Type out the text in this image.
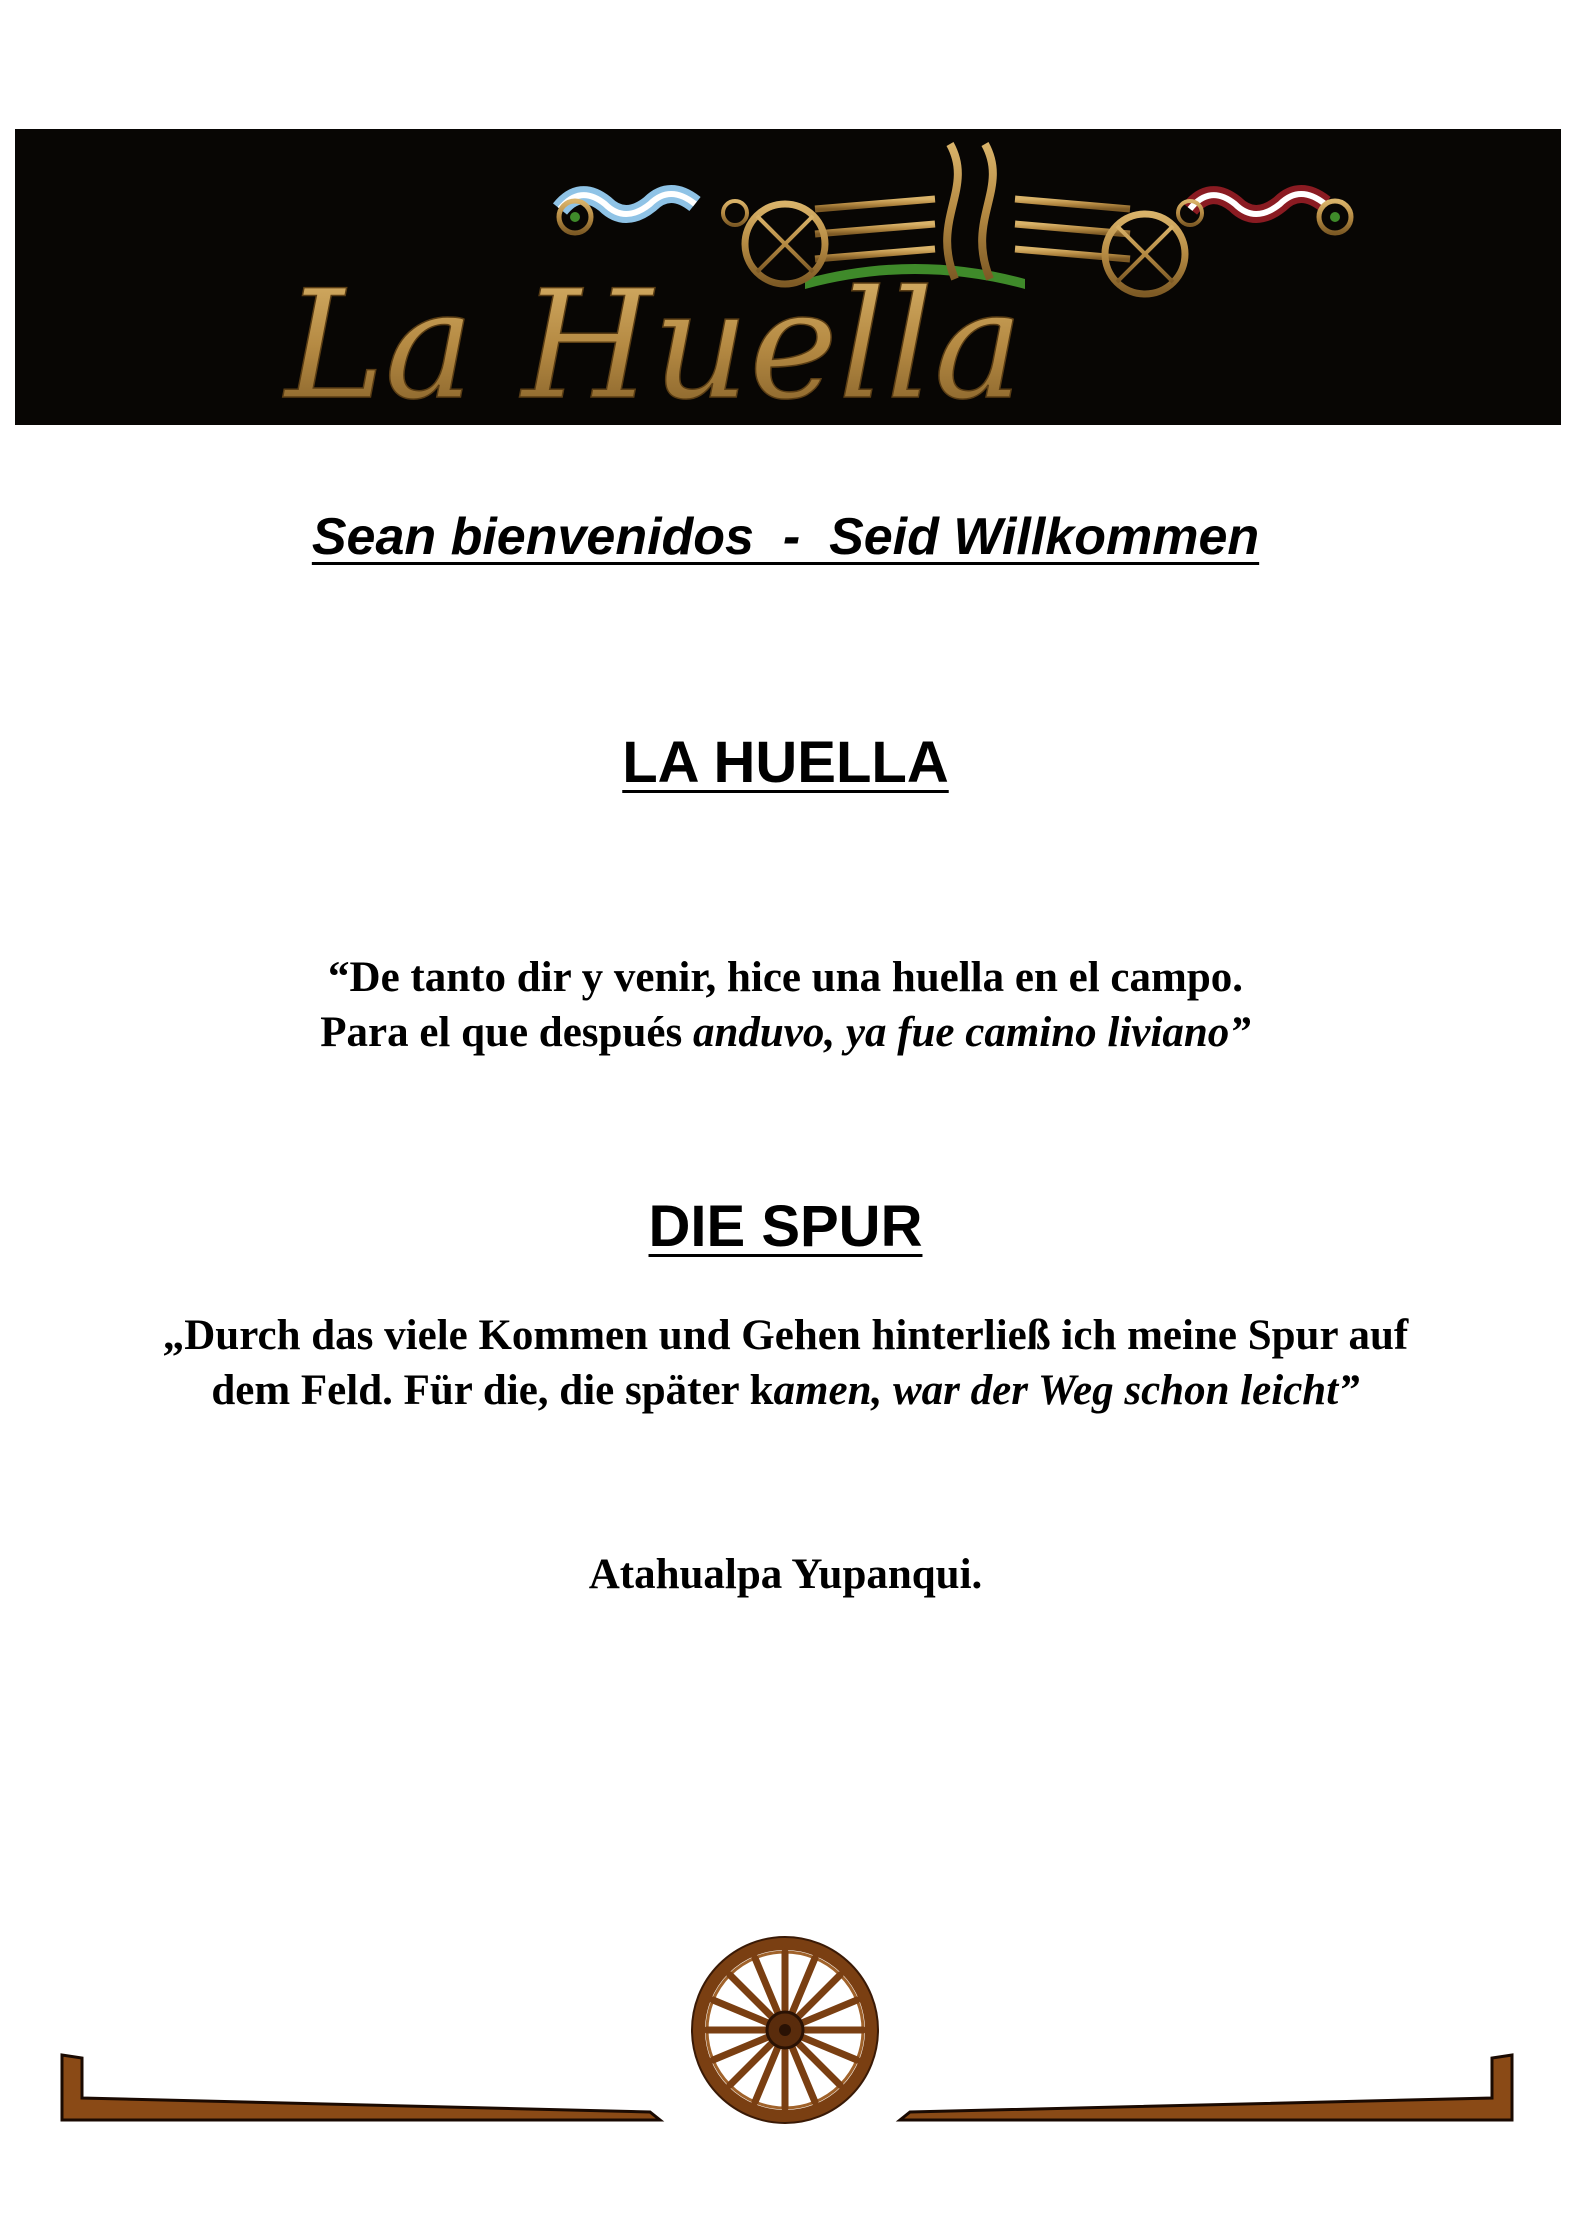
La Huella
Sean bienvenidos  -  Seid Willkommen
LA HUELLA
“De tanto dir y venir, hice una huella en el campo.
Para el que después anduvo, ya fue camino liviano”
DIE SPUR
„Durch das viele Kommen und Gehen hinterließ ich meine Spur auf
dem Feld. Für die, die später kamen, war der Weg schon leicht”
Atahualpa Yupanqui.
